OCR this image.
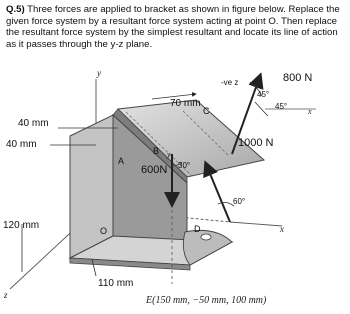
Q.5) Three forces are applied to bracket as shown in figure below. Replace the given force system by a resultant force system acting at point O. Then replace the resultant force system by the simplest resultant and locate its line of action as it passes through the y-z plane.
y
y
x
x
z
-ve z
70 mm
40 mm
40 mm
120 mm
110 mm
A
B
C
D
O
800 N
1000 N
600N
45°
45°
30°
60°
E(150 mm, −50 mm, 100 mm)
